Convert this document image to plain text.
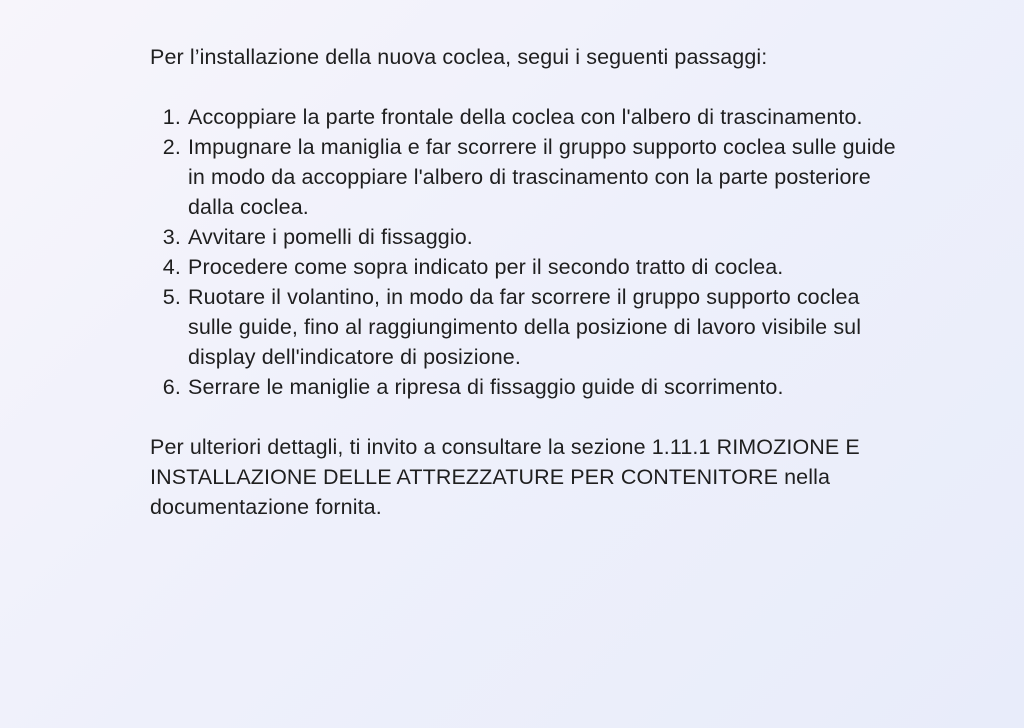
Per l’installazione della nuova coclea, segui i seguenti passaggi:

1. Accoppiare la parte frontale della coclea con l'albero di trascinamento.
2. Impugnare la maniglia e far scorrere il gruppo supporto coclea sulle guide in modo da accoppiare l'albero di trascinamento con la parte posteriore dalla coclea.
3. Avvitare i pomelli di fissaggio.
4. Procedere come sopra indicato per il secondo tratto di coclea.
5. Ruotare il volantino, in modo da far scorrere il gruppo supporto coclea sulle guide, fino al raggiungimento della posizione di lavoro visibile sul display dell'indicatore di posizione.
6. Serrare le maniglie a ripresa di fissaggio guide di scorrimento.

Per ulteriori dettagli, ti invito a consultare la sezione 1.11.1 RIMOZIONE E INSTALLAZIONE DELLE ATTREZZATURE PER CONTENITORE nella documentazione fornita.
